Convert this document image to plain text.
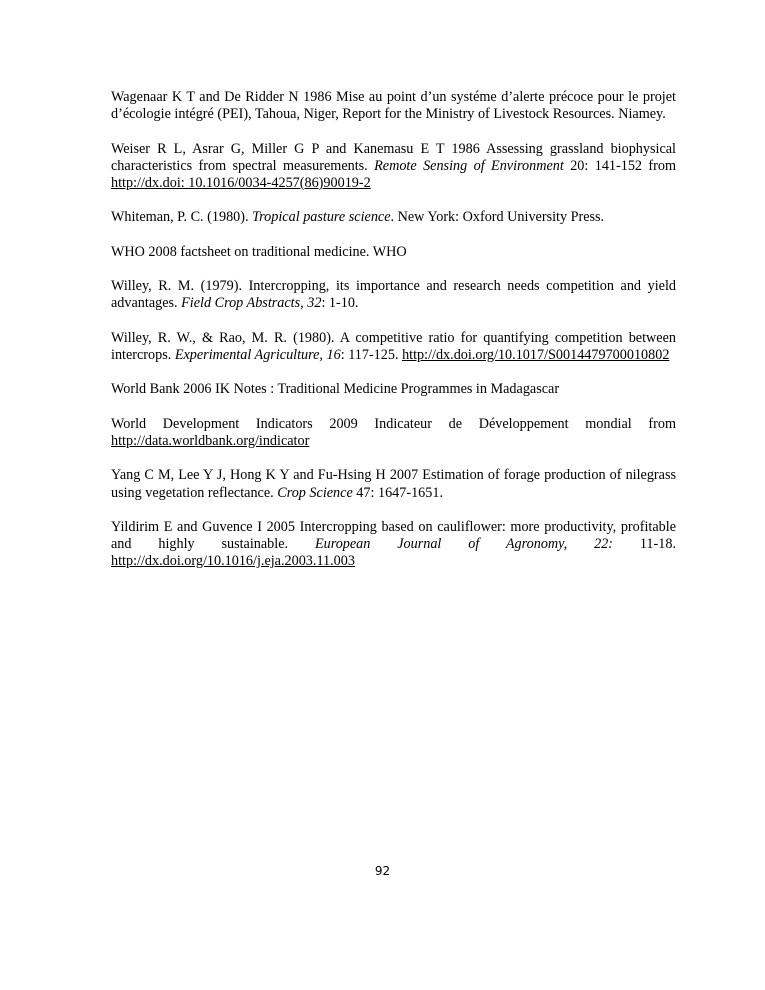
Wagenaar K T and De Ridder N 1986 Mise au point d’un systéme d’alerte précoce pour le projet d’écologie intégré (PEI), Tahoua, Niger, Report for the Ministry of Livestock Resources. Niamey.

Weiser R L, Asrar G, Miller G P and Kanemasu E T 1986 Assessing grassland biophysical characteristics from spectral measurements. Remote Sensing of Environment 20: 141-152 from http://dx.doi: 10.1016/0034-4257(86)90019-2

Whiteman, P. C. (1980). Tropical pasture science. New York: Oxford University Press.

WHO 2008 factsheet on traditional medicine. WHO

Willey, R. M. (1979). Intercropping, its importance and research needs competition and yield advantages. Field Crop Abstracts, 32: 1-10.

Willey, R. W., & Rao, M. R. (1980). A competitive ratio for quantifying competition between intercrops. Experimental Agriculture, 16: 117-125. http://dx.doi.org/10.1017/S0014479700010802

World Bank 2006 IK Notes : Traditional Medicine Programmes in Madagascar

World Development Indicators 2009 Indicateur de Développement mondial from http://data.worldbank.org/indicator

Yang C M, Lee Y J, Hong K Y and Fu-Hsing H 2007 Estimation of forage production of nilegrass using vegetation reflectance. Crop Science 47: 1647-1651.

Yildirim E and Guvence I 2005 Intercropping based on cauliflower: more productivity, profitable and highly sustainable. European Journal of Agronomy, 22: 11-18. http://dx.doi.org/10.1016/j.eja.2003.11.003

92
